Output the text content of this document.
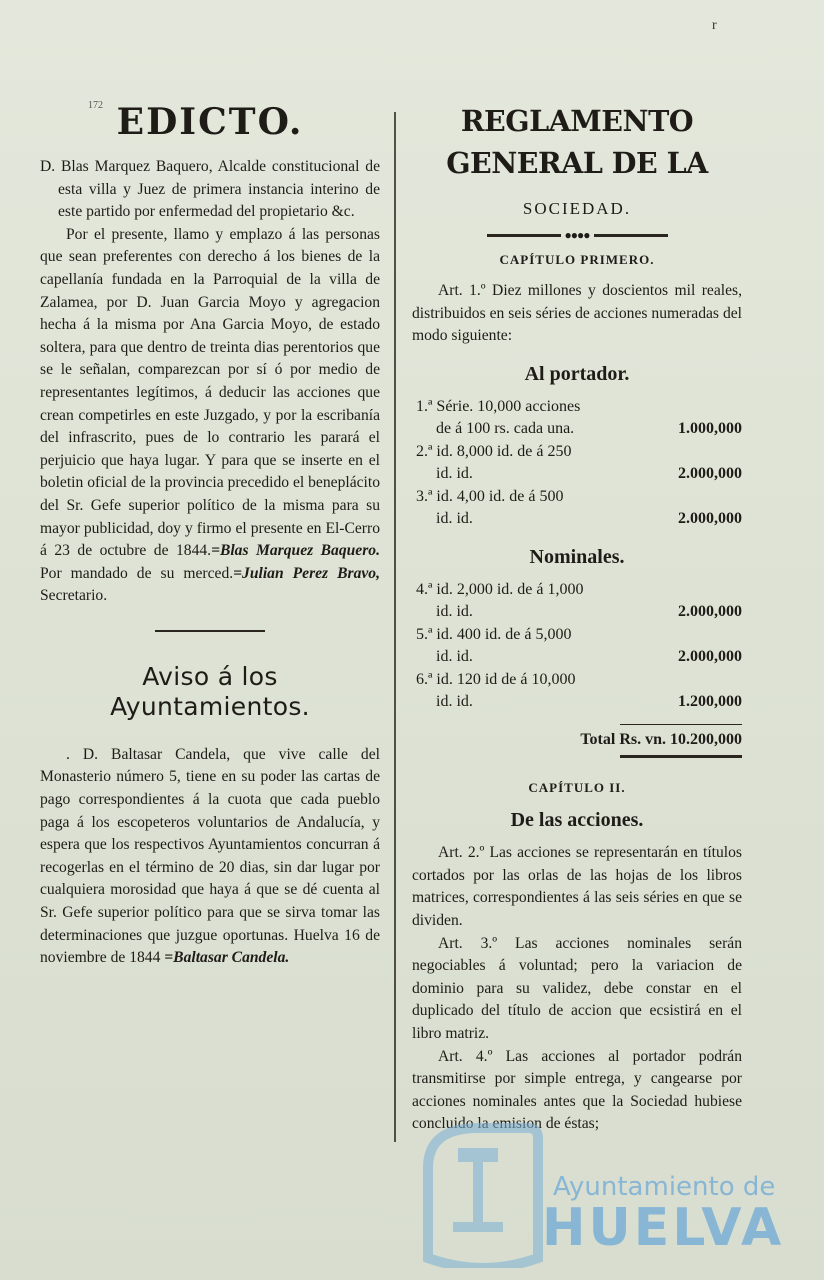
r
172 EDICTO.

D. Blas Marquez Baquero, Alcalde constitucional de esta villa y Juez de primera instancia interino de este partido por enfermedad del propietario &c.

Por el presente, llamo y emplazo á las personas que sean preferentes con derecho á los bienes de la capellanía fundada en la Parroquial de la villa de Zalamea, por D. Juan Garcia Moyo y agregacion hecha á la misma por Ana Garcia Moyo, de estado soltera, para que dentro de treinta dias perentorios que se le señalan, comparezcan por sí ó por medio de representantes legítimos, á deducir las acciones que crean competirles en este Juzgado, y por la escribanía del infrascrito, pues de lo contrario les parará el perjuicio que haya lugar. Y para que se inserte en el boletin oficial de la provincia precedido el beneplácito del Sr. Gefe superior político de la misma para su mayor publicidad, doy y firmo el presente en El-Cerro á 23 de octubre de 1844.=Blas Marquez Baquero. Por mandado de su merced.=Julian Perez Bravo, Secretario.

Aviso á los Ayuntamientos.

. D. Baltasar Candela, que vive calle del Monasterio número 5, tiene en su poder las cartas de pago correspondientes á la cuota que cada pueblo paga á los escopeteros voluntarios de Andalucía, y espera que los respectivos Ayuntamientos concurran á recogerlas en el término de 20 dias, sin dar lugar por cualquiera morosidad que haya á que se dé cuenta al Sr. Gefe superior político para que se sirva tomar las determinaciones que juzgue oportunas. Huelva 16 de noviembre de 1844 =Baltasar Candela.

REGLAMENTO GENERAL DE LA
SOCIEDAD.
●●●●
CAPÍTULO PRIMERO.

Art. 1.º Diez millones y doscientos mil reales, distribuidos en seis séries de acciones numeradas del modo siguiente:

Al portador.
1.ª Série. 10,000 acciones
de á 100 rs. cada una.	1.000,000
2.ª id. 8,000 id. de á 250
id. id.	2.000,000
3.ª id. 4,00 id. de á 500
id. id.	2.000,000
Nominales.
4.ª id. 2,000 id. de á 1,000
id. id.	2.000,000
5.ª id. 400 id. de á 5,000
id. id.	2.000,000
6.ª id. 120 id de á 10,000
id. id.	1.200,000
Total Rs. vn. 10.200,000
CAPÍTULO II.
De las acciones.

Art. 2.º Las acciones se representarán en títulos cortados por las orlas de las hojas de los libros matrices, correspondientes á las seis séries en que se dividen.

Art. 3.º Las acciones nominales serán negociables á voluntad; pero la variacion de dominio para su validez, debe constar en el duplicado del título de accion que ecsistirá en el libro matriz.

Art. 4.º Las acciones al portador podrán transmitirse por simple entrega, y cangearse por acciones nominales antes que la Sociedad hubiese concluido la emision de éstas;

Ayuntamiento de
HUELVA
